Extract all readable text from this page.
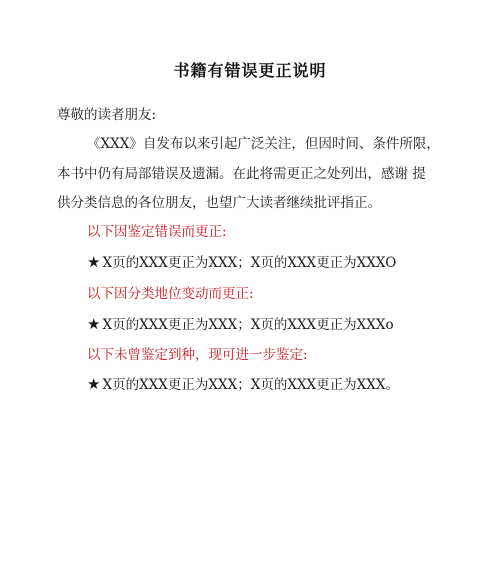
书籍有错误更正说明
尊敬的读者朋友:
《XXX》自发布以来引起广泛关注，但因时间、条件所限，
本书中仍有局部错误及遗漏。在此将需更正之处列出，感谢 提
供分类信息的各位朋友，也望广大读者继续批评指正。
以下因鉴定错误而更正:
★ X页的XXX更正为XXX；X页的XXX更正为XXXO
以下因分类地位变动而更正:
★ X页的XXX更正为XXX；X页的XXX更正为XXXo
以下未曾鉴定到种，现可进一步鉴定:
★ X页的XXX更正为XXX；X页的XXX更正为XXX。
